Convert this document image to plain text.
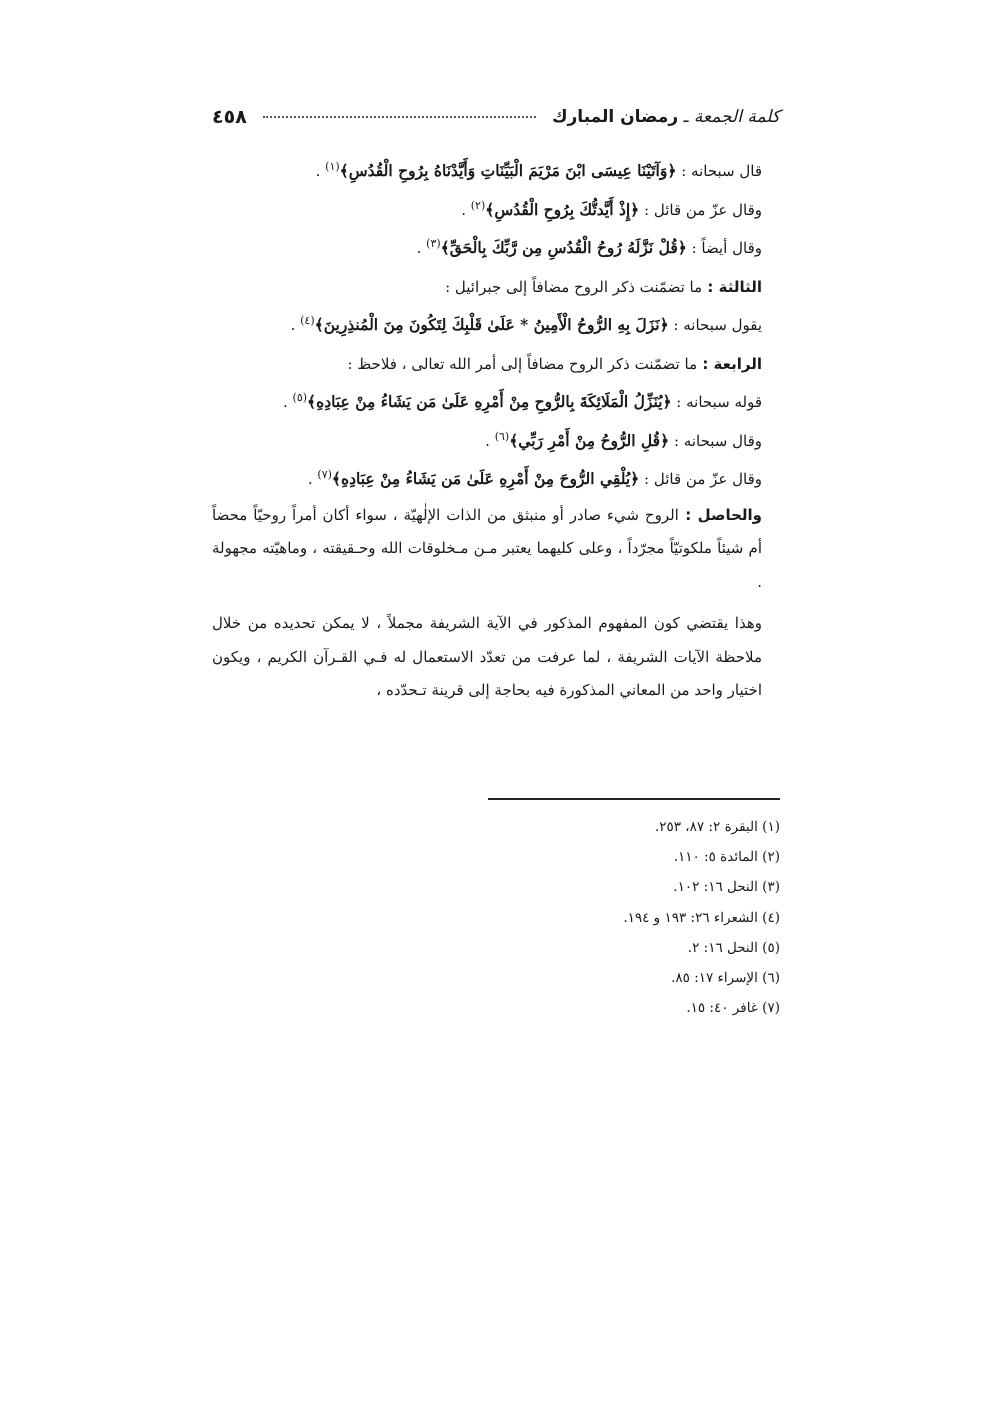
كلمة الجمعة ـ رمضان المبارك
٤٥٨
قال سبحانه : ﴿وَآتَيْنَا عِيسَى ابْنَ مَرْيَمَ الْبَيِّنَاتِ وَأَيَّدْنَاهُ بِرُوحِ الْقُدُسِ﴾$^{(١)}$ .
وقال عزّ من قائل : ﴿إِذْ أَيَّدتُّكَ بِرُوحِ الْقُدُسِ﴾$^{(٢)}$ .
وقال أيضاً : ﴿قُلْ نَزَّلَهُ رُوحُ الْقُدُسِ مِن رَّبِّكَ بِالْحَقِّ﴾$^{(٣)}$ .
الثالثة : ما تضمّنت ذكر الروح مضافاً إلى جبرائيل :
يقول سبحانه : ﴿نَزَلَ بِهِ الرُّوحُ الْأَمِينُ * عَلَىٰ قَلْبِكَ لِتَكُونَ مِنَ الْمُنذِرِينَ﴾$^{(٤)}$ .
الرابعة : ما تضمّنت ذكر الروح مضافاً إلى أمر الله تعالى ، فلاحظ :
قوله سبحانه : ﴿يُنَزِّلُ الْمَلَائِكَةَ بِالرُّوحِ مِنْ أَمْرِهِ عَلَىٰ مَن يَشَاءُ مِنْ عِبَادِهِ﴾$^{(٥)}$ .
وقال سبحانه : ﴿قُلِ الرُّوحُ مِنْ أَمْرِ رَبِّي﴾$^{(٦)}$ .
وقال عزّ من قائل : ﴿يُلْقِي الرُّوحَ مِنْ أَمْرِهِ عَلَىٰ مَن يَشَاءُ مِنْ عِبَادِهِ﴾$^{(٧)}$ .

والحاصل : الروح شيء صادر أو منبثق من الذات الإلٰهيّة ، سواء أكان أمراً روحيّاً محضاً أم شيئاً ملكوتيّاً مجرّداً ، وعلى كليهما يعتبر مـن مـخلوقات الله وحـقيقته ، وماهيّته مجهولة .

وهذا يقتضي كون المفهوم المذكور في الآية الشريفة مجملاً ، لا يمكن تحديده من خلال ملاحظة الآيات الشريفة ، لما عرفت من تعدّد الاستعمال له فـي القـرآن الكريم ، ويكون اختيار واحد من المعاني المذكورة فيه بحاجة إلى قرينة تـحدّده ،

(١) البقرة ٢: ٨٧، ٢٥٣.
(٢) المائدة ٥: ١١٠.
(٣) النحل ١٦: ١٠٢.
(٤) الشعراء ٢٦: ١٩٣ و ١٩٤.
(٥) النحل ١٦: ٢.
(٦) الإسراء ١٧: ٨٥.
(٧) غافر ٤٠: ١٥.
